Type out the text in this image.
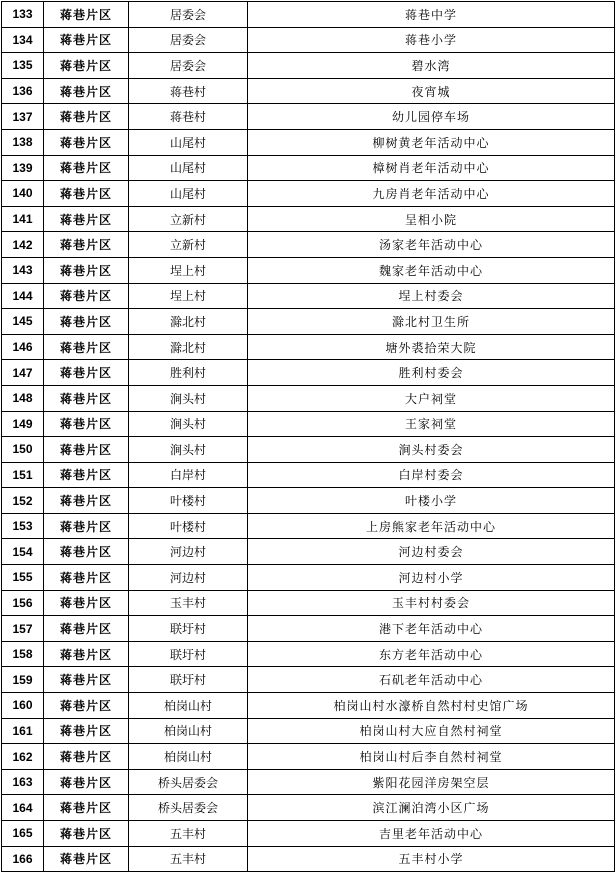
133	蒋巷片区	居委会	蒋巷中学
134	蒋巷片区	居委会	蒋巷小学
135	蒋巷片区	居委会	碧水湾
136	蒋巷片区	蒋巷村	夜宵城
137	蒋巷片区	蒋巷村	幼儿园停车场
138	蒋巷片区	山尾村	柳树黄老年活动中心
139	蒋巷片区	山尾村	樟树肖老年活动中心
140	蒋巷片区	山尾村	九房肖老年活动中心
141	蒋巷片区	立新村	呈相小院
142	蒋巷片区	立新村	汤家老年活动中心
143	蒋巷片区	埕上村	魏家老年活动中心
144	蒋巷片区	埕上村	埕上村委会
145	蒋巷片区	滁北村	滁北村卫生所
146	蒋巷片区	滁北村	塘外裘拾荣大院
147	蒋巷片区	胜利村	胜利村委会
148	蒋巷片区	涧头村	大户祠堂
149	蒋巷片区	涧头村	王家祠堂
150	蒋巷片区	涧头村	涧头村委会
151	蒋巷片区	白岸村	白岸村委会
152	蒋巷片区	叶楼村	叶楼小学
153	蒋巷片区	叶楼村	上房熊家老年活动中心
154	蒋巷片区	河边村	河边村委会
155	蒋巷片区	河边村	河边村小学
156	蒋巷片区	玉丰村	玉丰村村委会
157	蒋巷片区	联圩村	港下老年活动中心
158	蒋巷片区	联圩村	东方老年活动中心
159	蒋巷片区	联圩村	石矶老年活动中心
160	蒋巷片区	柏岗山村	柏岗山村水濠桥自然村村史馆广场
161	蒋巷片区	柏岗山村	柏岗山村大应自然村祠堂
162	蒋巷片区	柏岗山村	柏岗山村后李自然村祠堂
163	蒋巷片区	桥头居委会	紫阳花园洋房架空层
164	蒋巷片区	桥头居委会	滨江澜泊湾小区广场
165	蒋巷片区	五丰村	吉里老年活动中心
166	蒋巷片区	五丰村	五丰村小学
